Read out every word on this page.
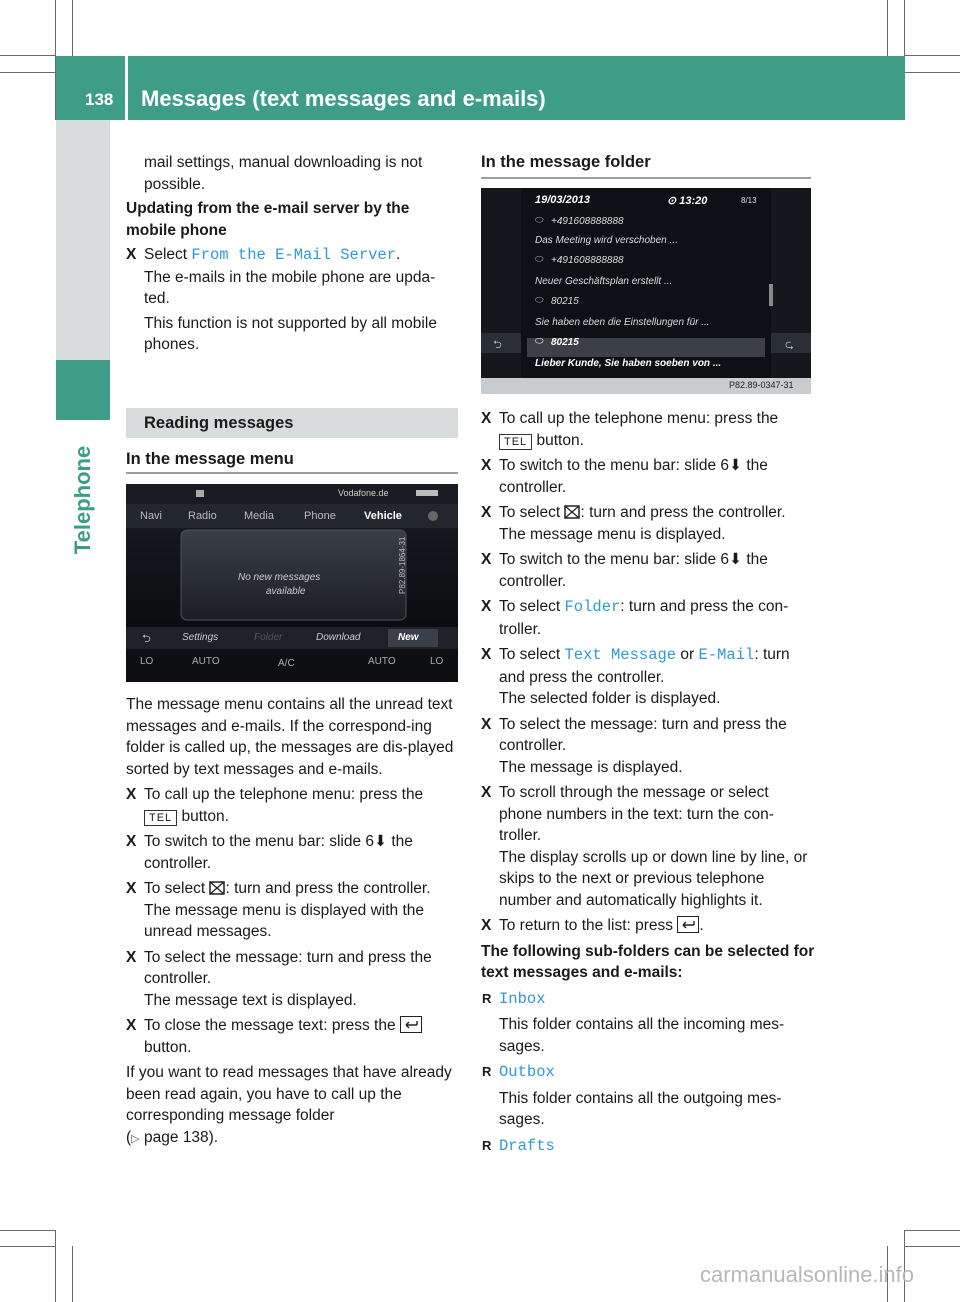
138 Messages (text messages and e-mails)
Telephone

mail settings, manual downloading is not possible.

Updating from the e-mail server by the mobile phone

X Select From the E-Mail Server.

The e-mails in the mobile phone are upda-ted.

This function is not supported by all mobile phones.

Reading messages

In the message menu

Vodafone.de
Navi Radio Media	Phone	Vehicle
No new messages
available
⮌	Settings	Folder	Download	New
LO	AUTO	A/C	AUTO	LO
P82.89-1864-31

The message menu contains all the unread text messages and e-mails. If the correspond-ing folder is called up, the messages are dis-played sorted by text messages and e-mails.

X To call up the telephone menu: press the
TEL button.
X To switch to the menu bar: slide 6⬇ the controller.
X To select : turn and press the controller.

The message menu is displayed with the unread messages.

X To select the message: turn and press the controller.

The message text is displayed.

X To close the message text: press the
button.

If you want to read messages that have already been read again, you have to call up the corresponding message folder

(▷ page 138).

In the message folder

19/03/2013	⊙ 13:20	8/13
+491608888888
Das Meeting wird verschoben ...
+491608888888
Neuer Geschäftsplan erstellt ...
80215
Sie haben eben die Einstellungen für ...
80215
Lieber Kunde, Sie haben soeben von ...
⬭
⬭
⬭
⬭
⮌	⮎
P82.89-0347-31
X To call up the telephone menu: press the
TEL button.
X To switch to the menu bar: slide 6⬇ the controller.
X To select : turn and press the controller.

The message menu is displayed.

X To switch to the menu bar: slide 6⬇ the controller.
X To select Folder: turn and press the con-troller.
X To select Text Message or E-Mail: turn and press the controller.

The selected folder is displayed.

X To select the message: turn and press the controller.

The message is displayed.

X To scroll through the message or select phone numbers in the text: turn the con-troller.

The display scrolls up or down line by line, or skips to the next or previous telephone number and automatically highlights it.

X To return to the list: press .

The following sub-folders can be selected for text messages and e-mails:

R Inbox

This folder contains all the incoming mes-sages.

R Outbox

This folder contains all the outgoing mes-sages.

R Drafts
carmanualsonline.info
